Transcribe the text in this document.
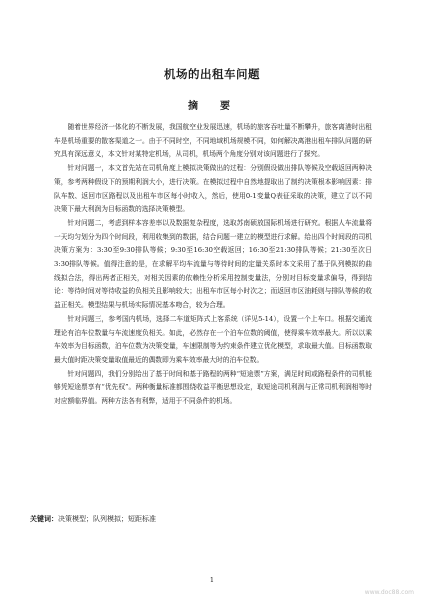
机场的出租车问题
摘　要

随着世界经济一体化的不断发展，我国航空业发展迅速，机场的旅客吞吐量不断攀升，旅客离港时出租车是机场重要的散客渠道之一。由于不同时空，不同地域机场规模不同，如何解决离港出租车排队问题的研究具有深远意义，本文针对某特定机场，从司机，机场两个角度分别对该问题进行了探究。

针对问题一，本文首先站在司机角度上模拟决策做出的过程：分别假设做出排队等候及空载返回两种决策，参考两种假设下的预期利润大小，进行决策。在模拟过程中自然地提取出了制约决策根本影响因素：排队车数、返回市区路程以及出租车市区每小时收入，然后，使用0-1变量Q表征采取的决策，建立了以不同决策下最大利润为目标函数的选择决策模型。

针对问题二，考虑到样本容差率以及数据复杂程度，选取苏南硕放国际机场进行研究。根据人车流量将一天均匀划分为四个时间段，利用收集到的数据，结合问题一建立的模型进行求解。给出四个时间段的司机决策方案为：3:30至9:30排队等候；9:30至16:30空载返回；16:30至21:30排队等候；21:30至次日3:30排队等候。值得注意的是，在求解平均车流量与等待时间的定量关系时本文采用了基于队列模拟的曲线拟合法，得出两者正相关，对相关因素的依赖性分析采用控制变量法，分别对目标变量求偏导，得到结论：等待时间对等待收益的负相关且影响较大；出租车市区每小时次之；而返回市区油耗则与排队等候的收益正相关。模型结果与机场实际情况基本吻合，较为合理。

针对问题三，参考国内机场，选择二车道矩阵式上客系统（详见5-14），设置一个上车口。根据交通流理论有泊车位数量与车流速度负相关。如此，必然存在一个泊车位数的阈值，使得乘车效率最大。所以以乘车效率为目标函数，泊车位数为决策变量，车速限制等为约束条件建立优化模型，求取最大值。目标函数取最大值时距决策变量取值最近的偶数即为乘车效率最大时的泊车位数。

针对问题四，我们分别给出了基于时间和基于路程的两种“短途票”方案，满足时间或路程条件的司机能够凭短途票享有“优先权”。两种衡量标准都围绕收益平衡思想设定，取短途司机利润与正常司机利润相等时对应额临界值。两种方法各有利弊，适用于不同条件的机场。

关键词：决策模型；队列模拟；短距标准
1
www.doc88.com
